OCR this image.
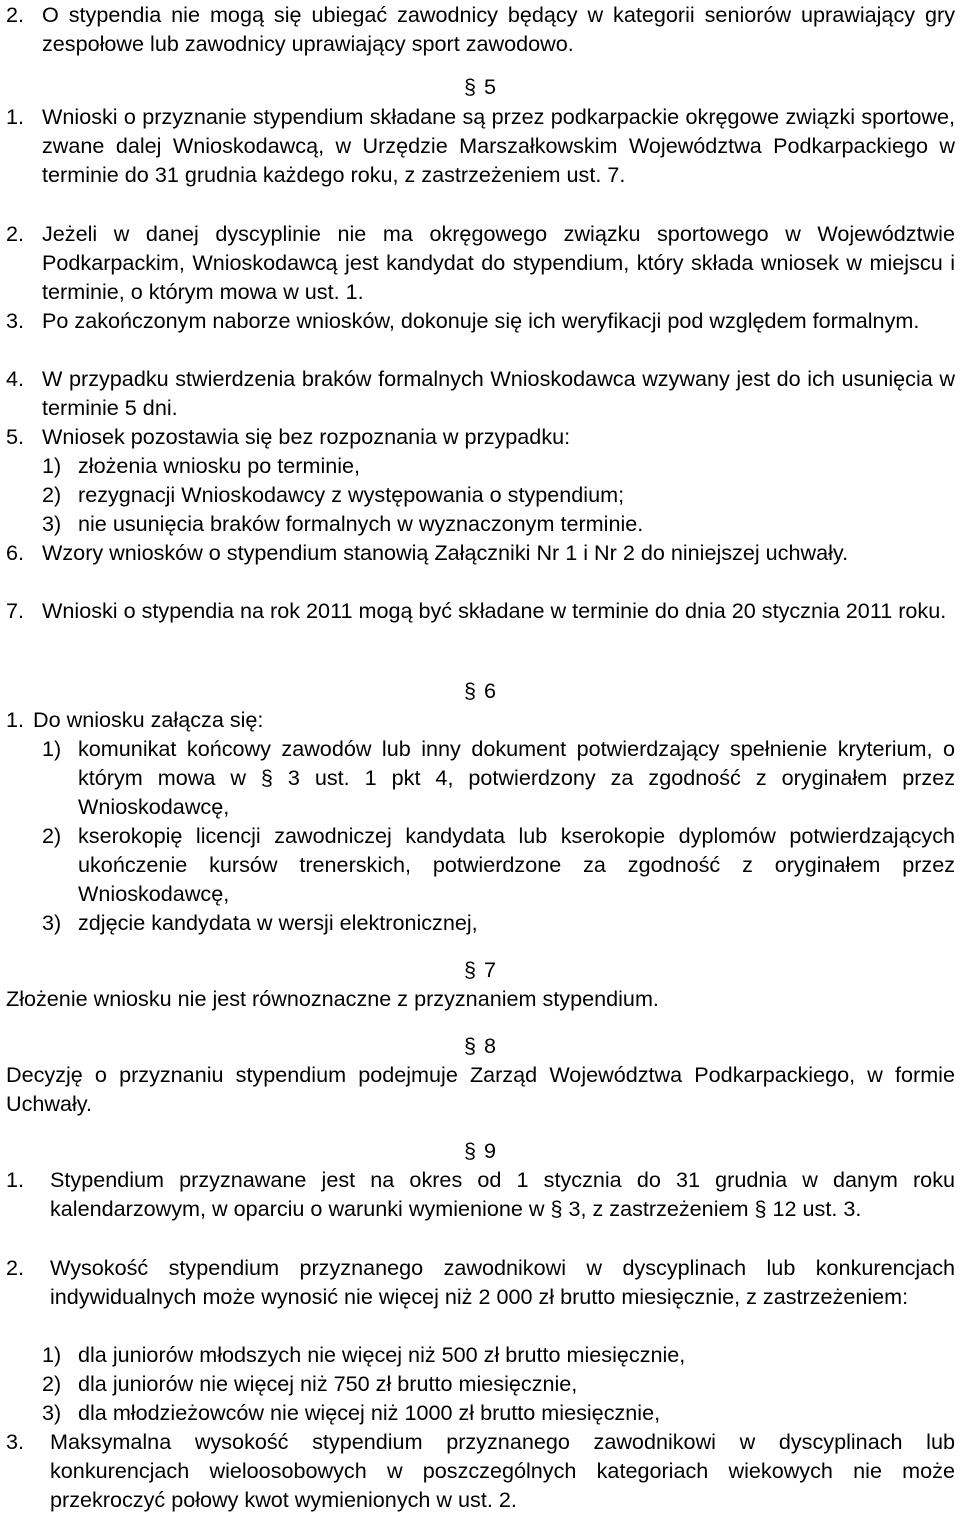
2. O stypendia nie mogą się ubiegać zawodnicy będący w kategorii seniorów uprawiający gry zespołowe lub zawodnicy uprawiający sport zawodowo.
§ 5
1. Wnioski o przyznanie stypendium składane są przez podkarpackie okręgowe związki sportowe, zwane dalej Wnioskodawcą, w Urzędzie Marszałkowskim Województwa Podkarpackiego w terminie do 31 grudnia każdego roku, z zastrzeżeniem ust. 7.
2. Jeżeli w danej dyscyplinie nie ma okręgowego związku sportowego w Województwie Podkarpackim, Wnioskodawcą jest kandydat do stypendium, który składa wniosek w miejscu i terminie, o którym mowa w ust. 1.
3. Po zakończonym naborze wniosków, dokonuje się ich weryfikacji pod względem formalnym.
4. W przypadku stwierdzenia braków formalnych Wnioskodawca wzywany jest do ich usunięcia w terminie 5 dni.
5. Wniosek pozostawia się bez rozpoznania w przypadku:
1) złożenia wniosku po terminie,
2) rezygnacji Wnioskodawcy z występowania o stypendium;
3) nie usunięcia braków formalnych w wyznaczonym terminie.
6. Wzory wniosków o stypendium stanowią Załączniki Nr 1 i Nr 2 do niniejszej uchwały.
7. Wnioski o stypendia na rok 2011 mogą być składane w terminie do dnia 20 stycznia 2011 roku.
§ 6
1. Do wniosku załącza się:
1) komunikat końcowy zawodów lub inny dokument potwierdzający spełnienie kryterium, o którym mowa w § 3 ust. 1 pkt 4, potwierdzony za zgodność z oryginałem przez Wnioskodawcę,
2) kserokopię licencji zawodniczej kandydata lub kserokopie dyplomów potwierdzających ukończenie kursów trenerskich, potwierdzone za zgodność z oryginałem przez Wnioskodawcę,
3) zdjęcie kandydata w wersji elektronicznej,
§ 7
Złożenie wniosku nie jest równoznaczne z przyznaniem stypendium.
§ 8
Decyzję o przyznaniu stypendium podejmuje Zarząd Województwa Podkarpackiego, w formie Uchwały.
§ 9
1.	Stypendium przyznawane jest na okres od 1 stycznia do 31 grudnia w danym roku kalendarzowym, w oparciu o warunki wymienione w § 3, z zastrzeżeniem § 12 ust. 3.
2.	Wysokość stypendium przyznanego zawodnikowi w dyscyplinach lub konkurencjach indywidualnych może wynosić nie więcej niż 2 000 zł brutto miesięcznie, z zastrzeżeniem:
1) dla juniorów młodszych nie więcej niż 500 zł brutto miesięcznie,
2) dla juniorów nie więcej niż 750 zł brutto miesięcznie,
3) dla młodzieżowców nie więcej niż 1000 zł brutto miesięcznie,
3.	Maksymalna wysokość stypendium przyznanego zawodnikowi w dyscyplinach lub konkurencjach wieloosobowych w poszczególnych kategoriach wiekowych nie może przekroczyć połowy kwot wymienionych w ust. 2.
